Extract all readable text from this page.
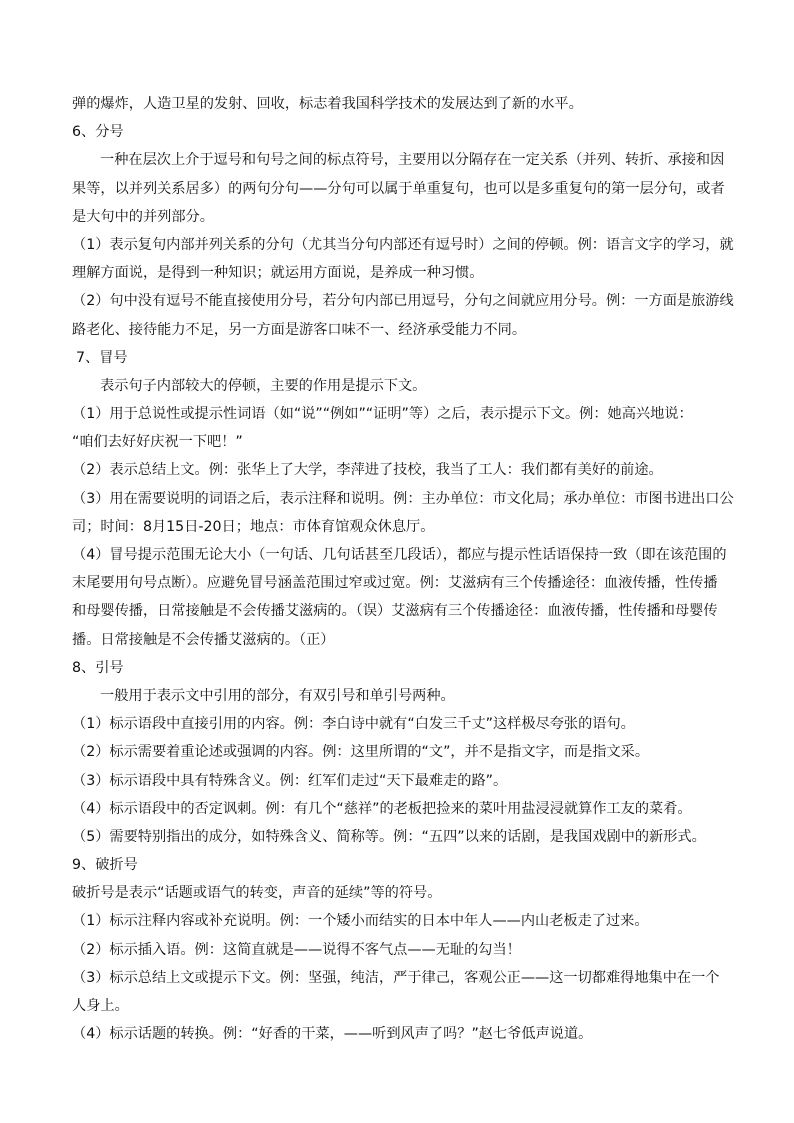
弹的爆炸，人造卫星的发射、回收，标志着我国科学技术的发展达到了新的水平。
6、分号
一种在层次上介于逗号和句号之间的标点符号，主要用以分隔存在一定关系（并列、转折、承接和因
果等，以并列关系居多）的两句分句——分句可以属于单重复句，也可以是多重复句的第一层分句，或者
是大句中的并列部分。
（1）表示复句内部并列关系的分句（尤其当分句内部还有逗号时）之间的停顿。例：语言文字的学习，就
理解方面说，是得到一种知识；就运用方面说，是养成一种习惯。
（2）句中没有逗号不能直接使用分号，若分句内部已用逗号，分句之间就应用分号。例：一方面是旅游线
路老化、接待能力不足，另一方面是游客口味不一、经济承受能力不同。
7、冒号
表示句子内部较大的停顿，主要的作用是提示下文。
（1）用于总说性或提示性词语（如“说”“例如”“证明”等）之后，表示提示下文。例：她高兴地说：
“咱们去好好庆祝一下吧！”
（2）表示总结上文。例：张华上了大学，李萍进了技校，我当了工人：我们都有美好的前途。
（3）用在需要说明的词语之后，表示注释和说明。例：主办单位：市文化局；承办单位：市图书进出口公
司；时间：8月15日-20日；地点：市体育馆观众休息厅。
（4）冒号提示范围无论大小（一句话、几句话甚至几段话），都应与提示性话语保持一致（即在该范围的
末尾要用句号点断）。应避免冒号涵盖范围过窄或过宽。例：艾滋病有三个传播途径：血液传播，性传播
和母婴传播，日常接触是不会传播艾滋病的。（误）艾滋病有三个传播途径：血液传播，性传播和母婴传
播。日常接触是不会传播艾滋病的。（正）
8、引号
一般用于表示文中引用的部分，有双引号和单引号两种。
（1）标示语段中直接引用的内容。例：李白诗中就有“白发三千丈”这样极尽夸张的语句。
（2）标示需要着重论述或强调的内容。例：这里所谓的“文”，并不是指文字，而是指文采。
（3）标示语段中具有特殊含义。例：红军们走过“天下最难走的路”。
（4）标示语段中的否定讽刺。例：有几个“慈祥”的老板把捡来的菜叶用盐浸浸就算作工友的菜肴。
（5）需要特别指出的成分，如特殊含义、简称等。例：“五四”以来的话剧，是我国戏剧中的新形式。
9、破折号
破折号是表示“话题或语气的转变，声音的延续”等的符号。
（1）标示注释内容或补充说明。例：一个矮小而结实的日本中年人——内山老板走了过来。
（2）标示插入语。例：这简直就是——说得不客气点——无耻的勾当！
（3）标示总结上文或提示下文。例：坚强，纯洁，严于律己，客观公正——这一切都难得地集中在一个
人身上。
（4）标示话题的转换。例：“好香的干菜，——听到风声了吗？”赵七爷低声说道。
